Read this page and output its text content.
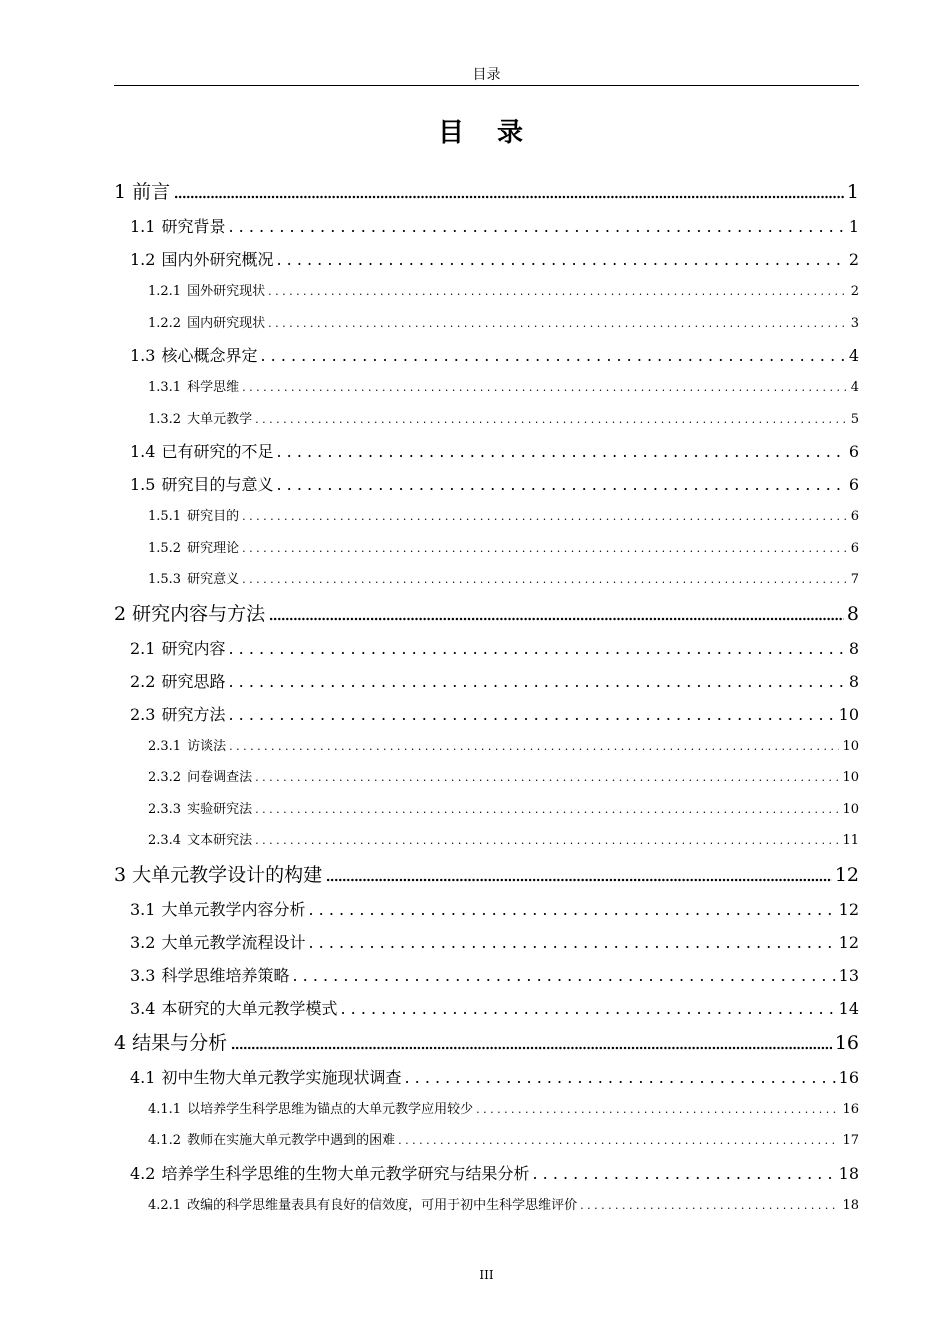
目录
目 录
1 前言 .....	1
1.1 研究背景 . . .	1
1.2 国内外研究概况 . . .	2
1.2.1 国外研究现状 . . .	2
1.2.2 国内研究现状 . . .	3
1.3 核心概念界定 . . .	4
1.3.1 科学思维 . . .	4
1.3.2 大单元教学 . . .	5
1.4 已有研究的不足 . . .	6
1.5 研究目的与意义 . . .	6
1.5.1 研究目的 . . .	6
1.5.2 研究理论 . . .	6
1.5.3 研究意义 . . .	7
2 研究内容与方法 .....	8
2.1 研究内容 . . .	8
2.2 研究思路 . . .	8
2.3 研究方法 . . .	10
2.3.1 访谈法 . . .	10
2.3.2 问卷调查法 . . .	10
2.3.3 实验研究法 . . .	10
2.3.4 文本研究法 . . .	11
3 大单元教学设计的构建 .....	12
3.1 大单元教学内容分析 . . .	12
3.2 大单元教学流程设计 . . .	12
3.3 科学思维培养策略 . . .	13
3.4 本研究的大单元教学模式 . . .	14
4 结果与分析 .....	16
4.1 初中生物大单元教学实施现状调查 . . .	16
4.1.1 以培养学生科学思维为锚点的大单元教学应用较少 . . .	16
4.1.2 教师在实施大单元教学中遇到的困难 . . .	17
4.2 培养学生科学思维的生物大单元教学研究与结果分析 . . .	18
4.2.1 改编的科学思维量表具有良好的信效度，可用于初中生科学思维评价 . . .	18
III
